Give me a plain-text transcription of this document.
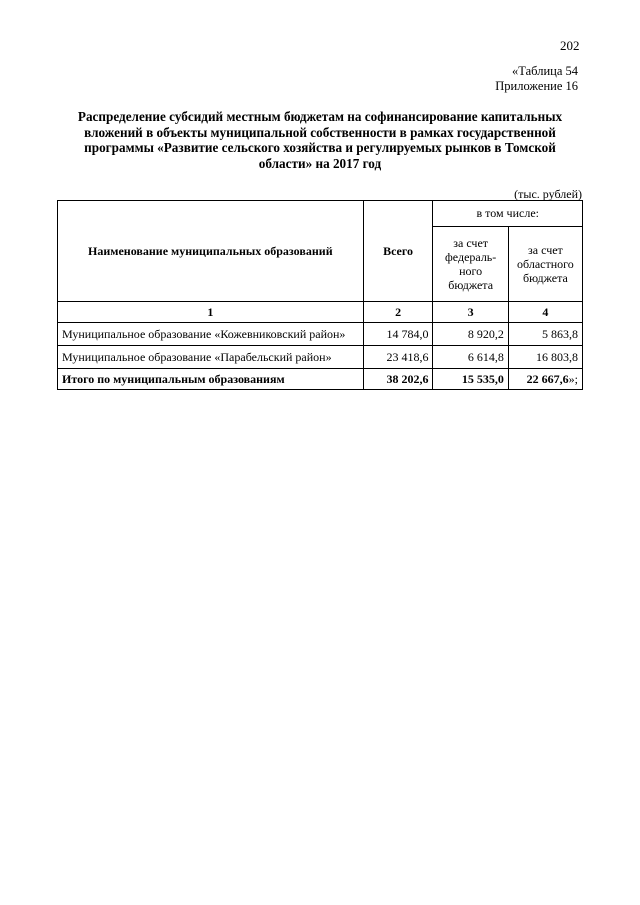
202
«Таблица 54
Приложение 16
Распределение субсидий местным бюджетам на софинансирование капитальных вложений в объекты муниципальной собственности в рамках государственной программы «Развитие сельского хозяйства и регулируемых рынков в Томской области» на 2017 год
(тыс. рублей)
Наименование муниципальных образований	Всего	в том числе:	
		за счет федераль-ного бюджета	за счет областного бюджета
1	2	3	4
Муниципальное образование «Кожевниковский район»	14 784,0	8 920,2	5 863,8
Муниципальное образование «Парабельский район»	23 418,6	6 614,8	16 803,8
Итого по муниципальным образованиям	38 202,6	15 535,0	22 667,6»;
